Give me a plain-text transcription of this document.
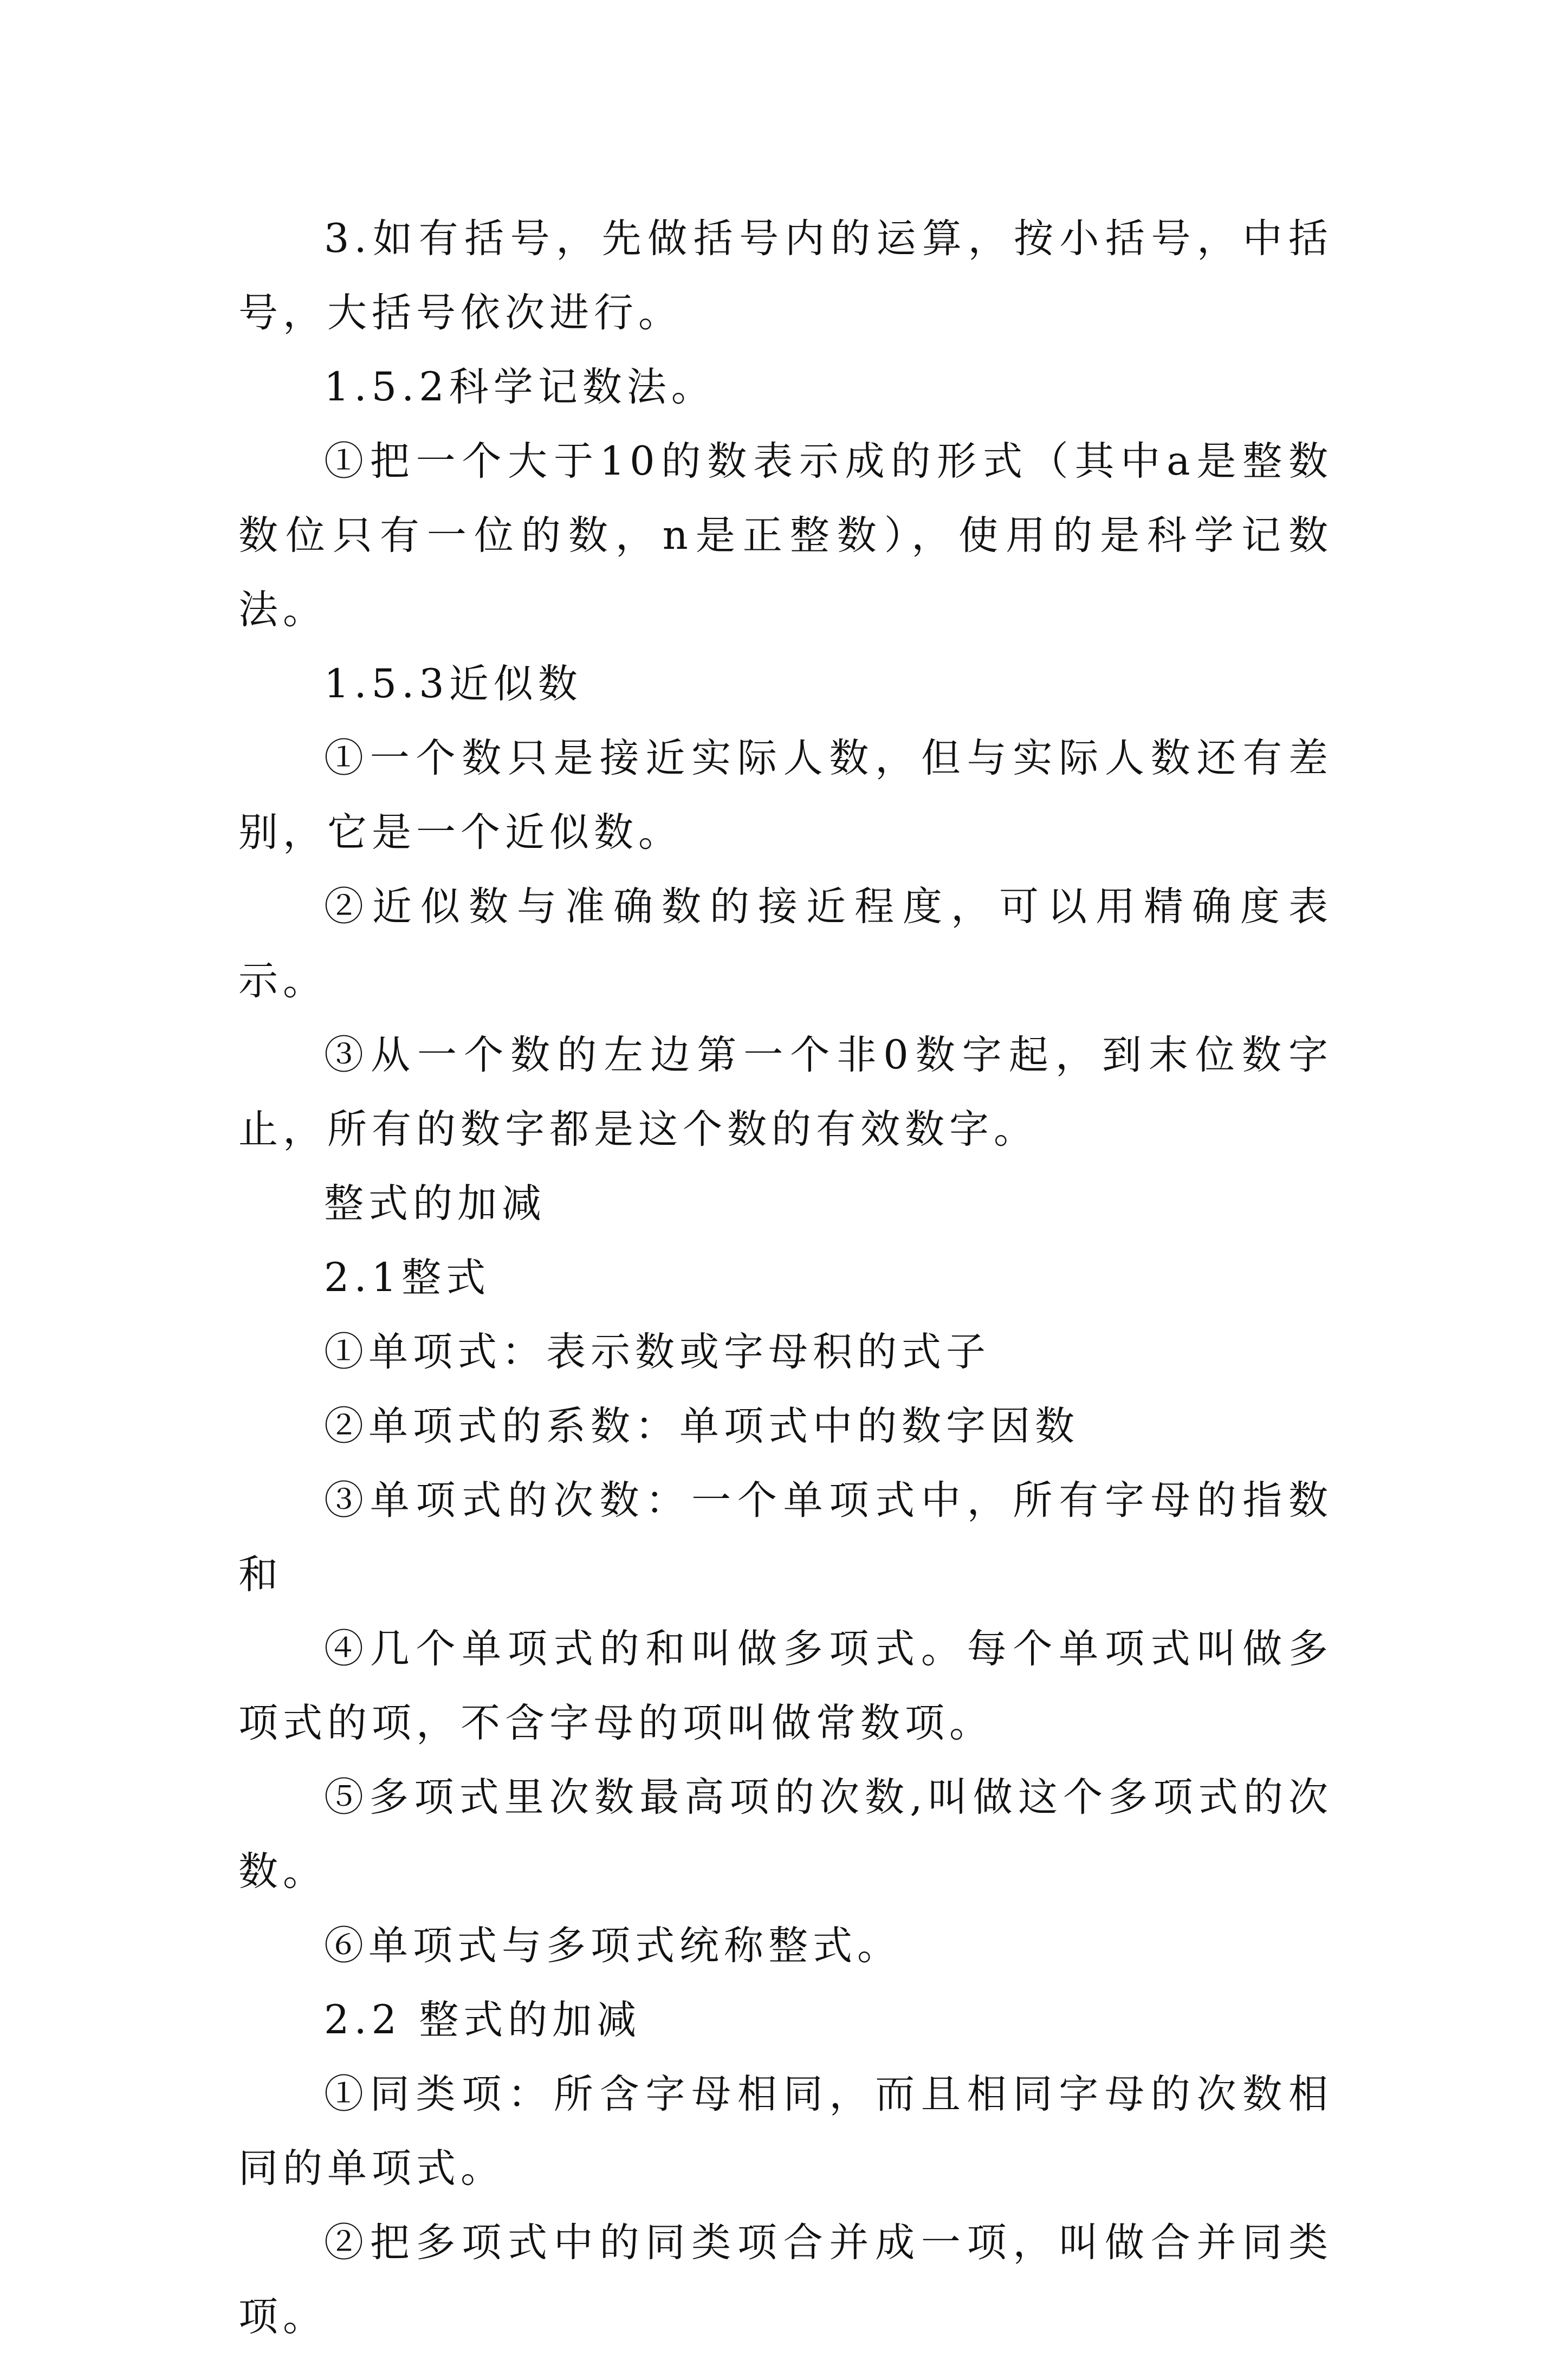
3.如有括号，先做括号内的运算，按小括号，中括号，大括号依次进行。

1.5.2科学记数法。

①把一个大于10的数表示成的形式（其中a是整数数位只有一位的数，n是正整数），使用的是科学记数法。

1.5.3近似数

①一个数只是接近实际人数，但与实际人数还有差别，它是一个近似数。

②近似数与准确数的接近程度，可以用精确度表示。

③从一个数的左边第一个非0数字起，到末位数字止，所有的数字都是这个数的有效数字。

整式的加减

2.1整式

①单项式：表示数或字母积的式子

②单项式的系数：单项式中的数字因数

③单项式的次数：一个单项式中，所有字母的指数和

④几个单项式的和叫做多项式。每个单项式叫做多项式的项，不含字母的项叫做常数项。

⑤多项式里次数最高项的次数,叫做这个多项式的次数。

⑥单项式与多项式统称整式。

2.2 整式的加减

①同类项：所含字母相同，而且相同字母的次数相同的单项式。

②把多项式中的同类项合并成一项，叫做合并同类项。
